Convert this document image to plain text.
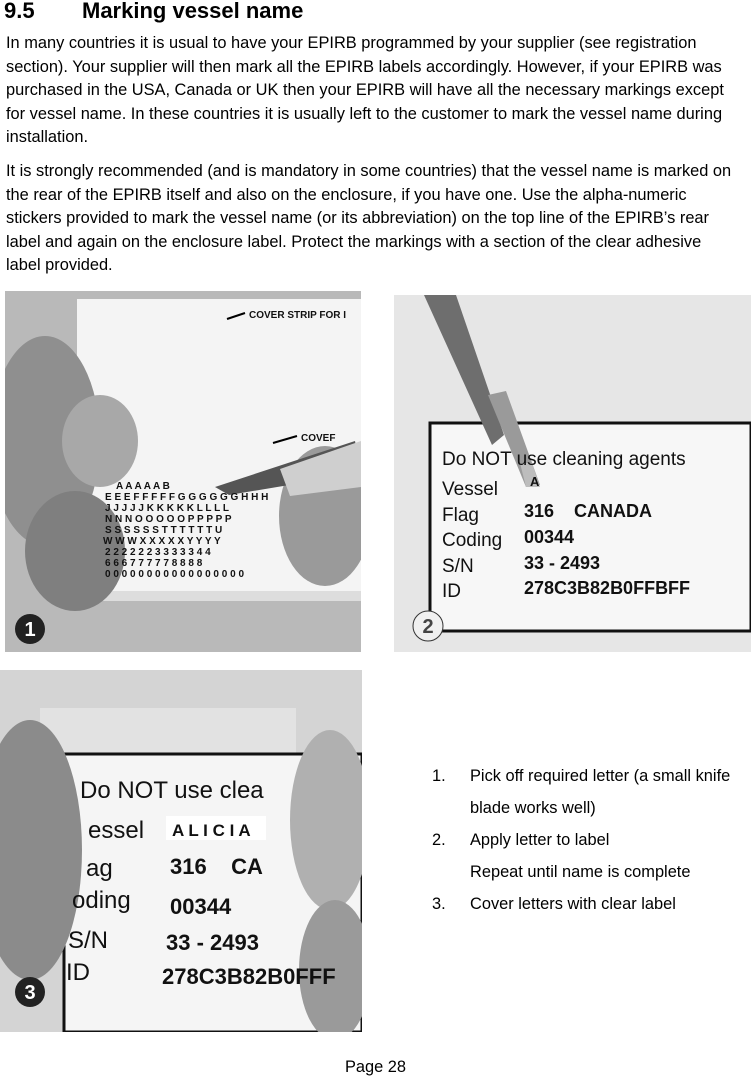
9.5 Marking vessel name

In many countries it is usual to have your EPIRB programmed by your supplier (see registration section). Your supplier will then mark all the EPIRB labels accordingly. However, if your EPIRB was purchased in the USA, Canada or UK then your EPIRB will have all the necessary markings except for vessel name. In these countries it is usually left to the customer to mark the vessel name during installation.

It is strongly recommended (and is mandatory in some countries) that the vessel name is marked on the rear of the EPIRB itself and also on the enclosure, if you have one. Use the alpha-numeric stickers provided to mark the vessel name (or its abbreviation) on the top line of the EPIRB’s rear label and again on the enclosure label. Protect the markings with a section of the clear adhesive label provided.

COVER STRIP FOR I
COVEF
A A A A A B
E E E F F F F F G G G G G G H H H
J J J J J K K K K K L L L L
N N N O O O O O P P P P P
S S S S S S T T T T T T U
W W W X X X X X Y Y Y Y
2 2 2 2 2 2 3 3 3 3 3 4 4
6 6 6 7 7 7 7 7 8 8 8 8
0 0 0 0 0 0 0 0 0 0 0 0 0 0 0 0 0
1
Do NOT use cleaning agents
Vessel A
Flag	316    CANADA
Coding 00344
S/N	33 - 2493
ID	278C3B82B0FFBFF
2
Do NOT use clea
essel A L I C I A
ag	316    CA
oding 00344
S/N	33 - 2493
ID	278C3B82B0FFF
3
1. Pick off required letter (a small knife blade works well)
2. Apply letter to label
Repeat until name is complete
3. Cover letters with clear label
Page 28
